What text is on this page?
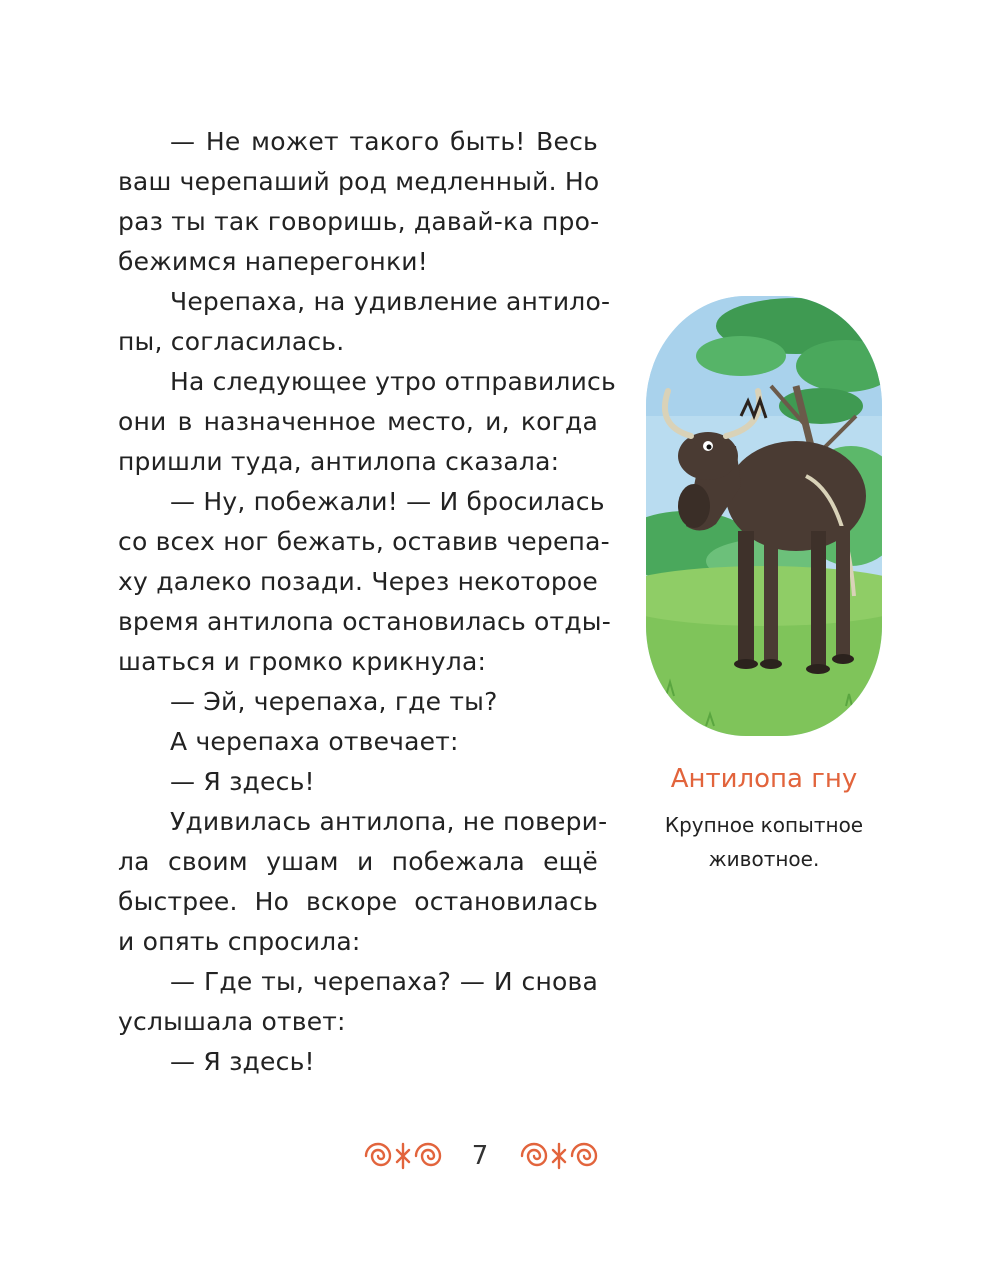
— Не может такого быть! Весь
ваш черепаший род медленный. Но
раз ты так говоришь, давай-ка про-
бежимся наперегонки!
Черепаха, на удивление антило-
пы, согласилась.
На следующее утро отправились
они в назначенное место, и, когда
пришли туда, антилопа сказала:
— Ну, побежали! — И бросилась
со всех ног бежать, оставив черепа-
ху далеко позади. Через некоторое
время антилопа остановилась отды-
шаться и громко крикнула:
— Эй, черепаха, где ты?
А черепаха отвечает:
— Я здесь!
Удивилась антилопа, не повери-
ла своим ушам и побежала ещё
быстрее. Но вскоре остановилась
и опять спросила:
— Где ты, черепаха? — И снова
услышала ответ:
— Я здесь!
Антилопа гну
Крупное копытное
животное.
7
